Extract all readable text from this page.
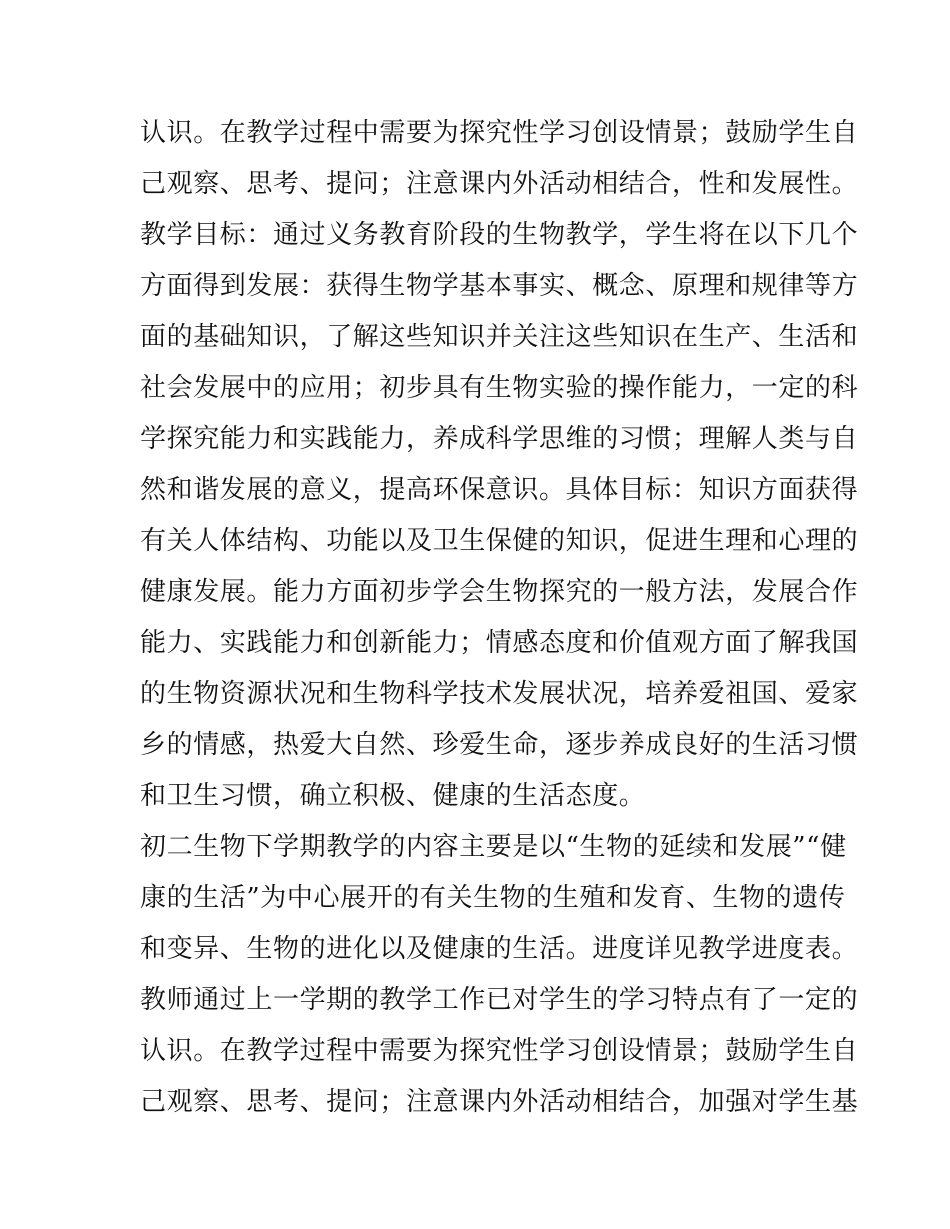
认识。在教学过程中需要为探究性学习创设情景；鼓励学生自

己观察、思考、提问；注意课内外活动相结合，性和发展性。

教学目标：通过义务教育阶段的生物教学，学生将在以下几个

方面得到发展：获得生物学基本事实、概念、原理和规律等方

面的基础知识，了解这些知识并关注这些知识在生产、生活和

社会发展中的应用；初步具有生物实验的操作能力，一定的科

学探究能力和实践能力，养成科学思维的习惯；理解人类与自

然和谐发展的意义，提高环保意识。具体目标：知识方面获得

有关人体结构、功能以及卫生保健的知识，促进生理和心理的

健康发展。能力方面初步学会生物探究的一般方法，发展合作

能力、实践能力和创新能力；情感态度和价值观方面了解我国

的生物资源状况和生物科学技术发展状况，培养爱祖国、爱家

乡的情感，热爱大自然、珍爱生命，逐步养成良好的生活习惯

和卫生习惯，确立积极、健康的生活态度。

初二生物下学期教学的内容主要是以“生物的延续和发展”“健

康的生活”为中心展开的有关生物的生殖和发育、生物的遗传

和变异、生物的进化以及健康的生活。进度详见教学进度表。

教师通过上一学期的教学工作已对学生的学习特点有了一定的

认识。在教学过程中需要为探究性学习创设情景；鼓励学生自

己观察、思考、提问；注意课内外活动相结合，加强对学生基
